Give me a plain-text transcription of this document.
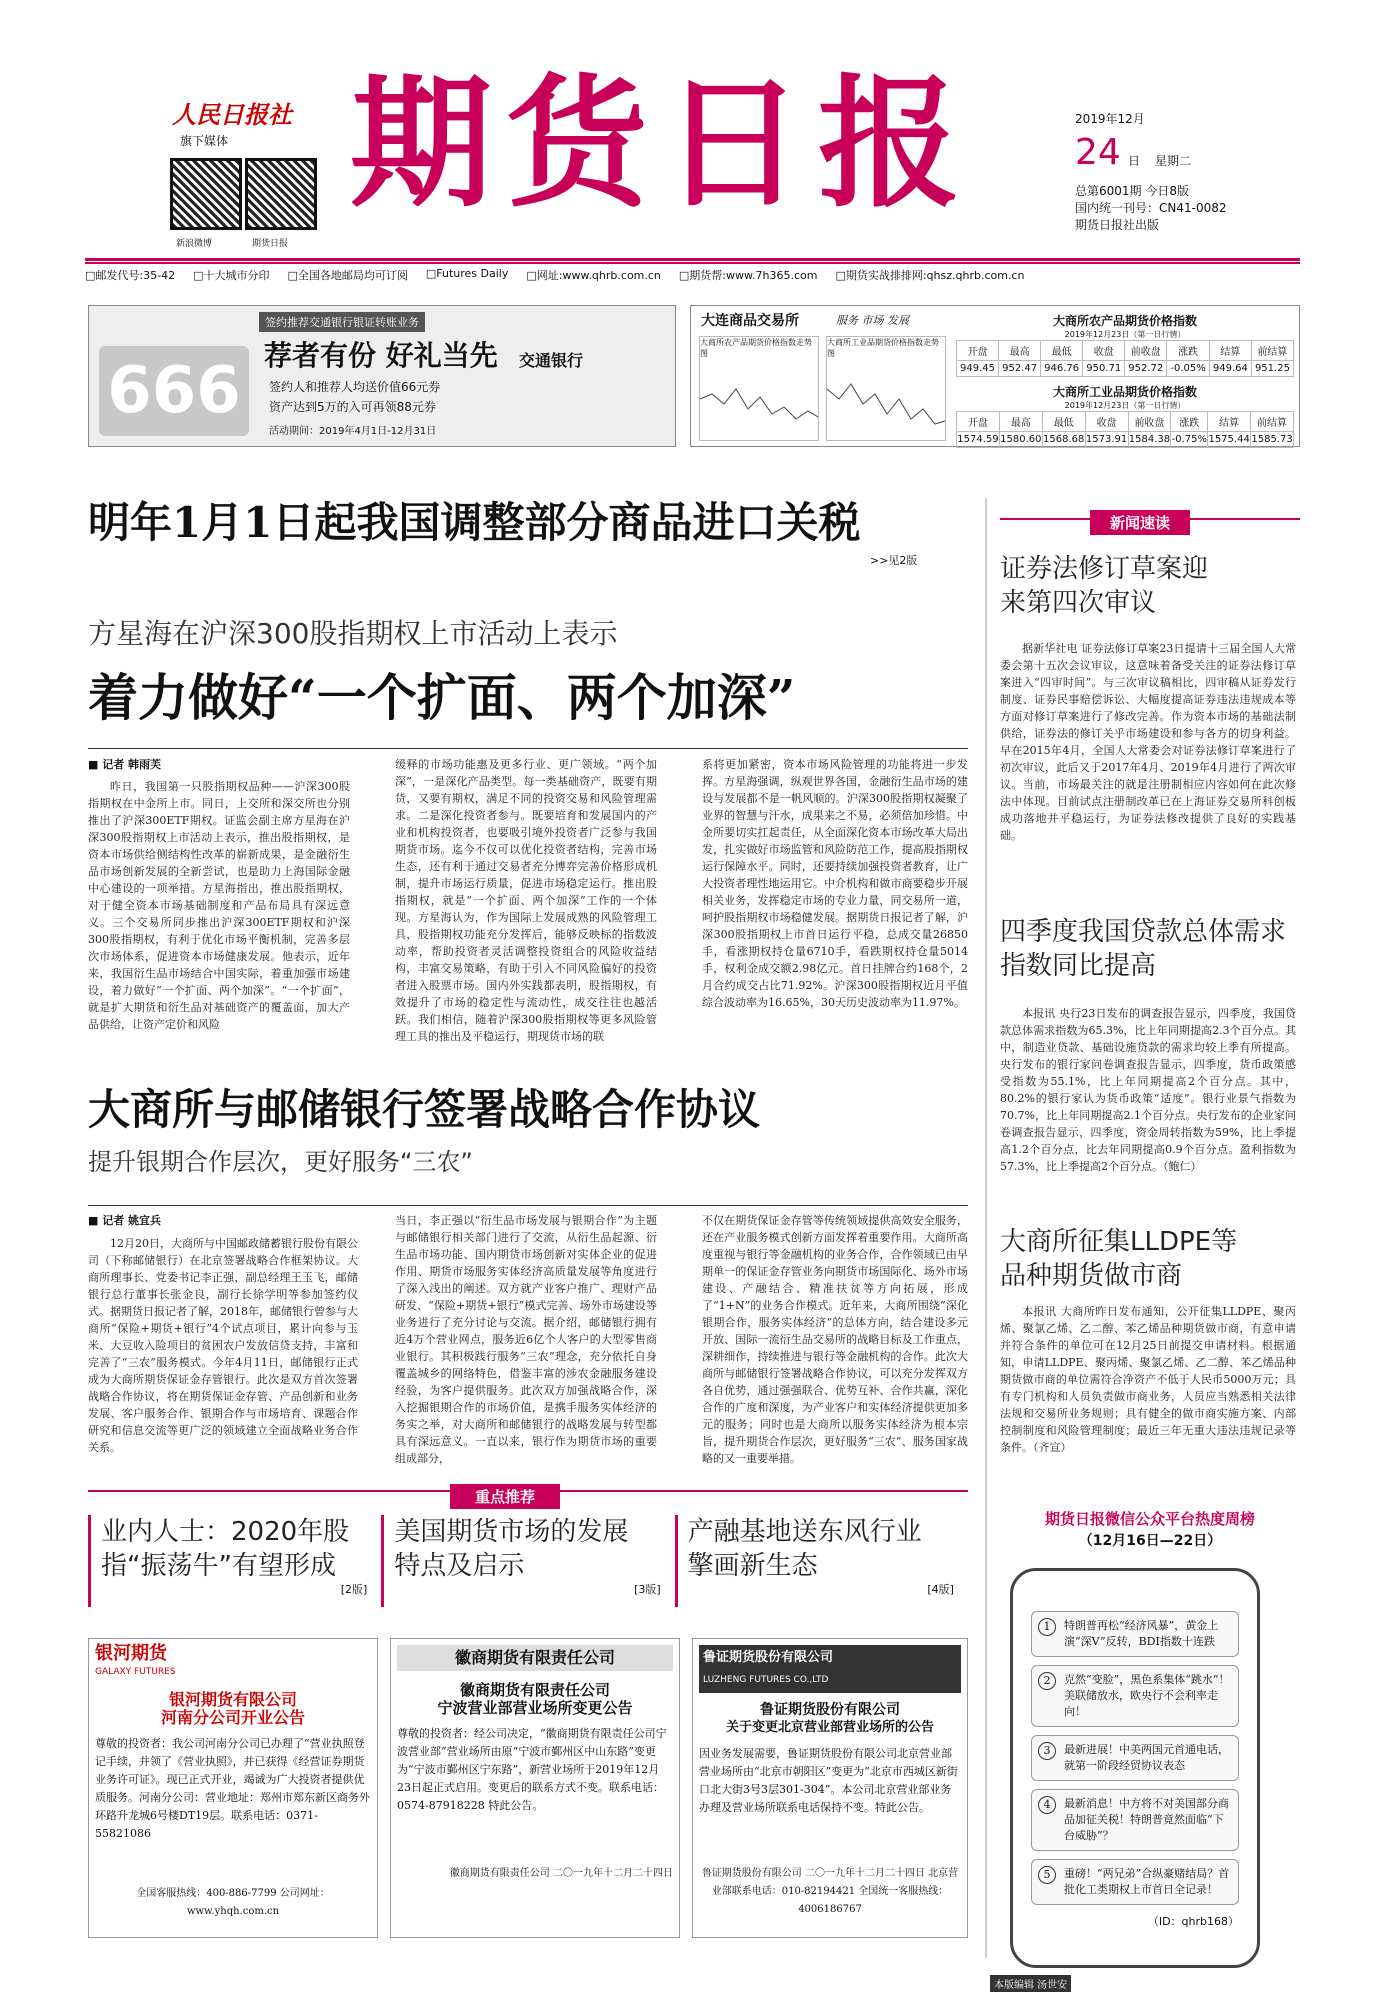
人民日报社
旗下媒体
新浪微博	期货日报
期货日报	2019年12月
24 日 星期二
总第6001期 今日8版
国内统一刊号：CN41-0082
期货日报社出版
□邮发代号:35-42 □十大城市分印 □全国各地邮局均可订阅 □Futures Daily □网址:www.qhrb.com.cn □期货帮:www.7h365.com □期货实战排排网:qhsz.qhrb.com.cn
666
签约推荐交通银行银证转账业务
荐者有份 好礼当先
签约人和推荐人均送价值66元券
资产达到5万的入可再领88元券
活动期间：2019年4月1日-12月31日
交通银行
大连商品交易所	服务 市场 发展
大商所农产品期货价格指数走势图
大商所工业品期货价格指数走势图
大商所农产品期货价格指数
2019年12月23日（第一日行情）
开盘	最高	最低	收盘	前收盘	涨跌	结算	前结算
949.45	952.47	946.76	950.71	952.72	-0.05%	949.64	951.25
大商所工业品期货价格指数
2019年12月23日（第一日行情）
开盘	最高	最低	收盘	前收盘	涨跌	结算	前结算
1574.59	1580.60	1568.68	1573.91	1584.38	-0.75%	1575.44	1585.73
明年1月1日起我国调整部分商品进口关税
>>见2版
方星海在沪深300股指期权上市活动上表示
着力做好“一个扩面、两个加深”
■ 记者 韩雨芙
昨日，我国第一只股指期权品种——沪深300股指期权在中金所上市。同日，上交所和深交所也分别推出了沪深300ETF期权。证监会副主席方星海在沪深300股指期权上市活动上表示，推出股指期权，是资本市场供给侧结构性改革的崭新成果，是金融衍生品市场创新发展的全新尝试，也是助力上海国际金融中心建设的一项举措。方星海指出，推出股指期权，对于健全资本市场基础制度和产品布局具有深远意义。三个交易所同步推出沪深300ETF期权和沪深300股指期权，有利于优化市场平衡机制，完善多层次市场体系，促进资本市场健康发展。他表示，近年来，我国衍生品市场结合中国实际，着重加强市场建设，着力做好“一个扩面、两个加深”。“一个扩面”，就是扩大期货和衍生品对基础资产的覆盖面，加大产品供给，让资产定价和风险
缓释的市场功能惠及更多行业、更广领域。“两个加深”，一是深化产品类型。每一类基础资产，既要有期货，又要有期权，满足不同的投资交易和风险管理需求。二是深化投资者参与。既要培育和发展国内的产业和机构投资者，也要吸引境外投资者广泛参与我国期货市场。迄今不仅可以优化投资者结构，完善市场生态，还有利于通过交易者充分博弈完善价格形成机制，提升市场运行质量，促进市场稳定运行。推出股指期权，就是“一个扩面、两个加深”工作的一个体现。方星海认为，作为国际上发展成熟的风险管理工具，股指期权功能充分发挥后，能够反映标的指数波动率，帮助投资者灵活调整投资组合的风险收益结构，丰富交易策略，有助于引入不同风险偏好的投资者进入股票市场。国内外实践都表明，股指期权，有效提升了市场的稳定性与流动性，成交往往也越活跃。我们相信，随着沪深300股指期权等更多风险管理工具的推出及平稳运行，期现货市场的联
系将更加紧密，资本市场风险管理的功能将进一步发挥。方星海强调，纵观世界各国，金融衍生品市场的建设与发展都不是一帆风顺的。沪深300股指期权凝聚了业界的智慧与汗水，成果来之不易，必须倍加珍惜。中金所要切实扛起责任，从全面深化资本市场改革大局出发，扎实做好市场监管和风险防范工作，提高股指期权运行保障水平。同时，还要持续加强投资者教育，让广大投资者理性地运用它。中介机构和做市商要稳步开展相关业务，发挥稳定市场的专业力量，同交易所一道，呵护股指期权市场稳健发展。据期货日报记者了解，沪深300股指期权上市首日运行平稳，总成交量26850手，看涨期权持仓量6710手，看跌期权持仓量5014手，权利金成交额2.98亿元。首日挂牌合约168个，2月合约成交占比71.92%。沪深300股指期权近月平值综合波动率为16.65%，30天历史波动率为11.97%。
大商所与邮储银行签署战略合作协议
提升银期合作层次，更好服务“三农”
■ 记者 姚宜兵
12月20日，大商所与中国邮政储蓄银行股份有限公司（下称邮储银行）在北京签署战略合作框架协议。大商所理事长、党委书记李正强，副总经理王玉飞，邮储银行总行董事长张金良，副行长徐学明等参加签约仪式。据期货日报记者了解，2018年，邮储银行曾参与大商所“保险+期货+银行”4个试点项目，累计向参与玉米、大豆收入险项目的贫困农户发放信贷支持，丰富和完善了“三农”服务模式。今年4月11日，邮储银行正式成为大商所期货保证金存管银行。此次是双方首次签署战略合作协议，将在期货保证金存管、产品创新和业务发展、客户服务合作、银期合作与市场培育、课题合作研究和信息交流等更广泛的领域建立全面战略业务合作关系。
当日，李正强以“衍生品市场发展与银期合作”为主题与邮储银行相关部门进行了交流，从衍生品起源、衍生品市场功能、国内期货市场创新对实体企业的促进作用、期货市场服务实体经济高质量发展等角度进行了深入浅出的阐述。双方就产业客户推广、理财产品研发、“保险+期货+银行”模式完善、场外市场建设等业务进行了充分讨论与交流。据介绍，邮储银行拥有近4万个营业网点，服务近6亿个人客户的大型零售商业银行。其积极践行服务“三农”理念，充分依托自身覆盖城乡的网络特色，借鉴丰富的涉农金融服务建设经验，为客户提供服务。此次双方加强战略合作，深入挖掘银期合作的市场价值，是携手服务实体经济的务实之举，对大商所和邮储银行的战略发展与转型都具有深远意义。一直以来，银行作为期货市场的重要组成部分，
不仅在期货保证金存管等传统领域提供高效安全服务，还在产业服务模式创新方面发挥着重要作用。大商所高度重视与银行等金融机构的业务合作，合作领域已由早期单一的保证金存管业务向期货市场国际化、场外市场建设、产融结合、精准扶贫等方向拓展，形成了“1+N”的业务合作模式。近年来，大商所围绕“深化银期合作，服务实体经济”的总体方向，结合建设多元开放、国际一流衍生品交易所的战略目标及工作重点，深耕细作，持续推进与银行等金融机构的合作。此次大商所与邮储银行签署战略合作协议，可以充分发挥双方各自优势，通过强强联合、优势互补、合作共赢，深化合作的广度和深度，为产业客户和实体经济提供更加多元的服务；同时也是大商所以服务实体经济为根本宗旨，提升期货合作层次，更好服务“三农”、服务国家战略的又一重要举措。
重点推荐
业内人士：2020年股指“振荡牛”有望形成
[2版]
美国期货市场的发展特点及启示
[3版]
产融基地送东风行业擎画新生态
[4版]
银河期货
GALAXY FUTURES
银河期货有限公司
河南分公司开业公告
尊敬的投资者：我公司河南分公司已办理了“营业执照登记手续，并领了《营业执照》，并已获得《经营证券期货业务许可证》。现已正式开业，竭诚为广大投资者提供优质服务。河南分公司：营业地址：郑州市郑东新区商务外环路升龙城6号楼DT19层。联系电话：0371-55821086
全国客服热线：400-886-7799 公司网址：www.yhqh.com.cn
徽商期货有限责任公司
徽商期货有限责任公司
宁波营业部营业场所变更公告
尊敬的投资者：经公司决定，“徽商期货有限责任公司宁波营业部”营业场所由原“宁波市鄞州区中山东路”变更为“宁波市鄞州区宁东路”，新营业场所于2019年12月23日起正式启用。变更后的联系方式不变。联系电话：0574-87918228 特此公告。
徽商期货有限责任公司 二〇一九年十二月二十四日
鲁证期货股份有限公司
LUZHENG FUTURES CO.,LTD
鲁证期货股份有限公司
关于变更北京营业部营业场所的公告
因业务发展需要，鲁证期货股份有限公司北京营业部营业场所由“北京市朝阳区”变更为“北京市西城区新街口北大街3号3层301-304”。本公司北京营业部业务办理及营业场所联系电话保持不变。特此公告。
鲁证期货股份有限公司 二〇一九年十二月二十四日 北京营业部联系电话：010-82194421 全国统一客服热线：4006186767
新闻速读
证券法修订草案迎来第四次审议
据新华社电 证券法修订草案23日提请十三届全国人大常委会第十五次会议审议，这意味着备受关注的证券法修订草案进入“四审时间”。与三次审议稿相比，四审稿从证券发行制度、证券民事赔偿诉讼、大幅度提高证券违法违规成本等方面对修订草案进行了修改完善。作为资本市场的基础法制供给，证券法的修订关乎市场建设和参与各方的切身利益。早在2015年4月，全国人大常委会对证券法修订草案进行了初次审议，此后又于2017年4月、2019年4月进行了两次审议。当前，市场最关注的就是注册制相应内容如何在此次修法中体现。目前试点注册制改革已在上海证券交易所科创板成功落地并平稳运行，为证券法修改提供了良好的实践基础。
四季度我国贷款总体需求指数同比提高
本报讯 央行23日发布的调查报告显示，四季度，我国贷款总体需求指数为65.3%，比上年同期提高2.3个百分点。其中，制造业贷款、基础设施贷款的需求均较上季有所提高。央行发布的银行家问卷调查报告显示，四季度，货币政策感受指数为55.1%，比上年同期提高2个百分点。其中，80.2%的银行家认为货币政策“适度”。银行业景气指数为70.7%，比上年同期提高2.1个百分点。央行发布的企业家问卷调查报告显示，四季度，资金周转指数为59%，比上季提高1.2个百分点，比去年同期提高0.9个百分点。盈利指数为57.3%，比上季提高2个百分点。（鲍仁）
大商所征集LLDPE等品种期货做市商
本报讯 大商所昨日发布通知，公开征集LLDPE、聚丙烯、聚氯乙烯、乙二醇、苯乙烯品种期货做市商，有意申请并符合条件的单位可在12月25日前提交申请材料。根据通知，申请LLDPE、聚丙烯、聚氯乙烯、乙二醇、苯乙烯品种期货做市商的单位需符合净资产不低于人民币5000万元；具有专门机构和人员负责做市商业务，人员应当熟悉相关法律法规和交易所业务规则；具有健全的做市商实施方案、内部控制制度和风险管理制度；最近三年无重大违法违规记录等条件。（齐宣）
期货日报微信公众平台热度周榜
（12月16日—22日）
1	特朗普再松“经济风暴”，黄金上演“深V”反转，BDI指数十连跌
2	克然“变脸”，黑色系集体“跳水”！美联储放水，欧央行不会利率走向！
3	最新进展！中美两国元首通电话，就第一阶段经贸协议表态
4	最新消息！中方将不对美国部分商品加征关税！特朗普竟然面临“下台威胁”？
5	重磅！“两兄弟”合纵豪赌结局？首批化工类期权上市首日全记录！
（ID：qhrb168）
本版编辑 汤世安
